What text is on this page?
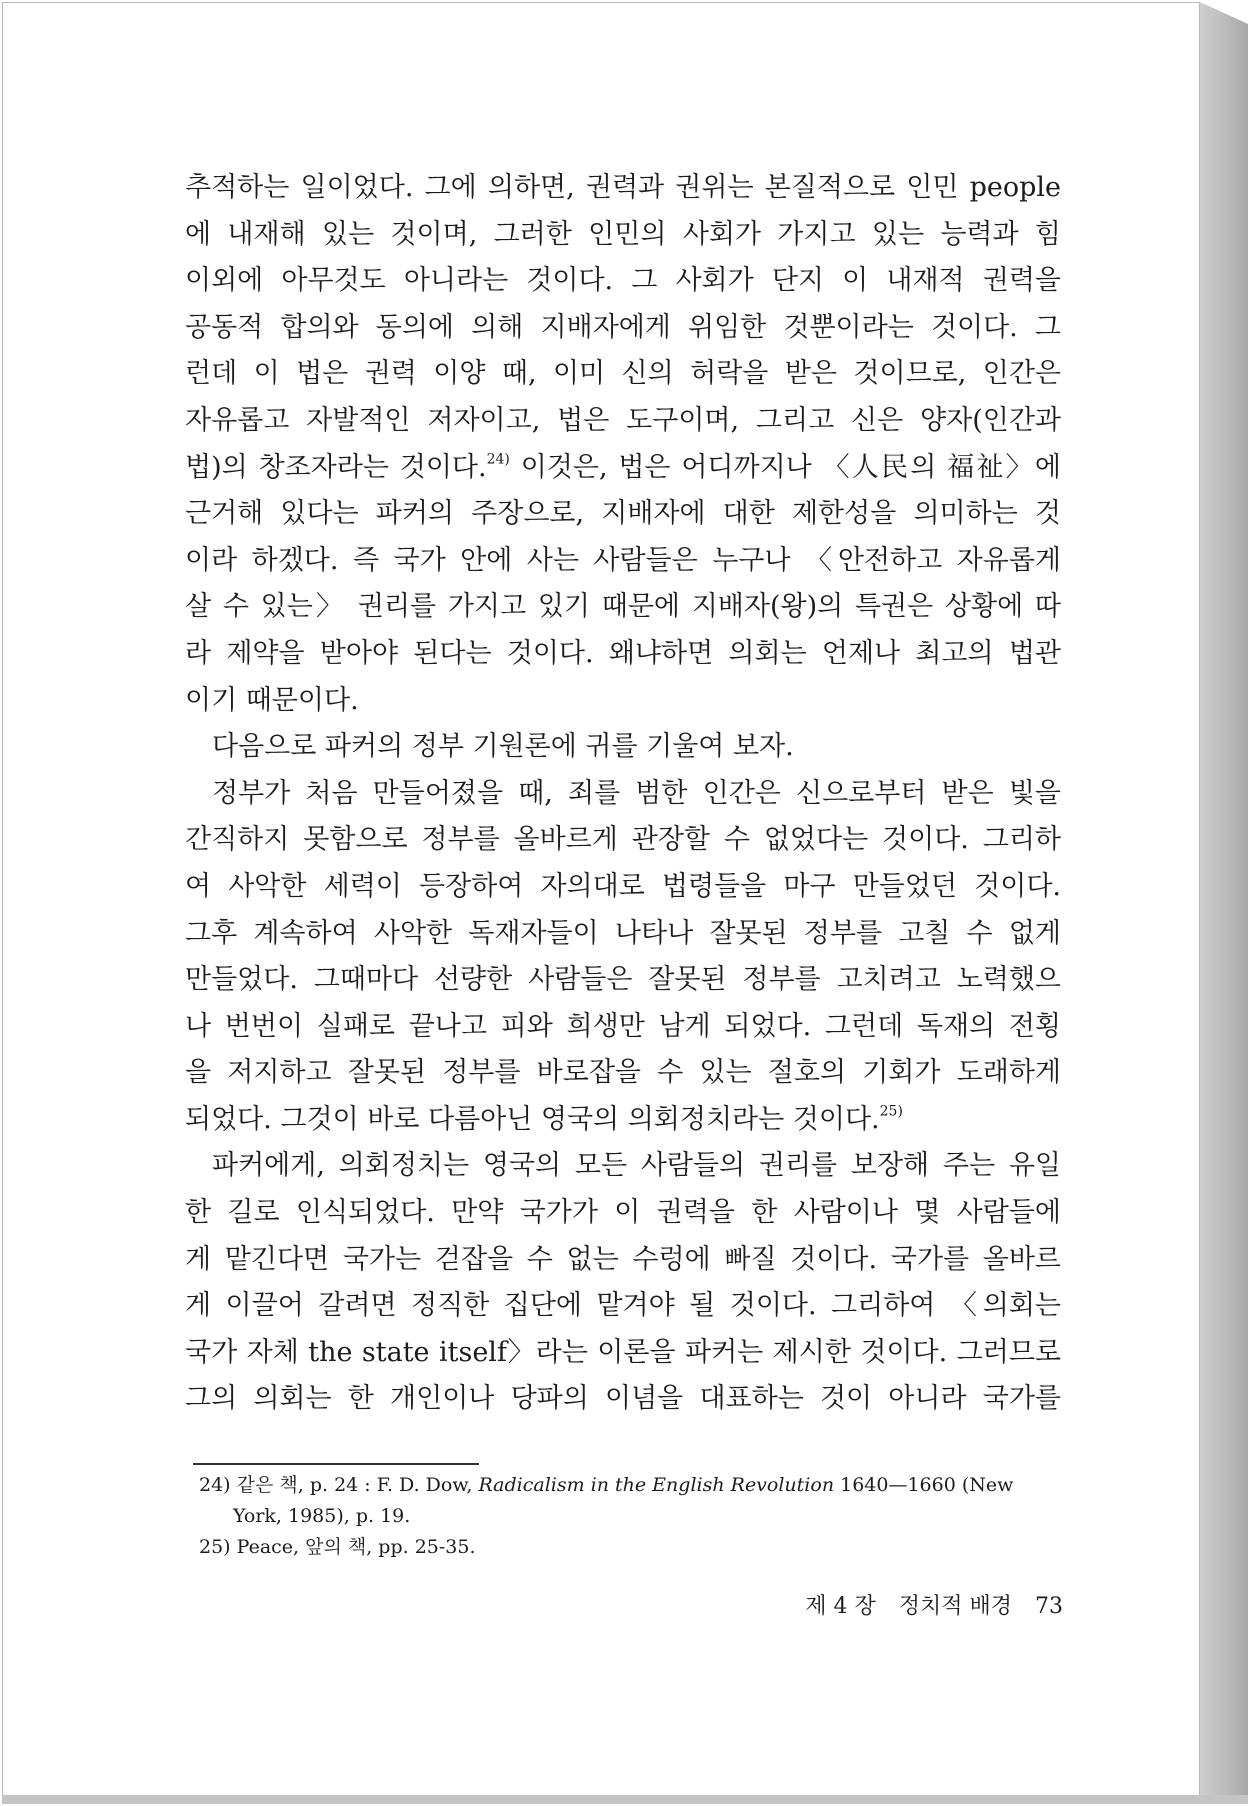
추적하는 일이었다. 그에 의하면, 권력과 권위는 본질적으로 인민 people
에 내재해 있는 것이며, 그러한 인민의 사회가 가지고 있는 능력과 힘
이외에 아무것도 아니라는 것이다. 그 사회가 단지 이 내재적 권력을
공동적 합의와 동의에 의해 지배자에게 위임한 것뿐이라는 것이다. 그
런데 이 법은 권력 이양 때, 이미 신의 허락을 받은 것이므로, 인간은
자유롭고 자발적인 저자이고, 법은 도구이며, 그리고 신은 양자(인간과
법)의 창조자라는 것이다.$^{24)}$ 이것은, 법은 어디까지나 〈人民의 福祉〉에
근거해 있다는 파커의 주장으로, 지배자에 대한 제한성을 의미하는 것
이라 하겠다. 즉 국가 안에 사는 사람들은 누구나 〈안전하고 자유롭게
살 수 있는〉 권리를 가지고 있기 때문에 지배자(왕)의 특권은 상황에 따
라 제약을 받아야 된다는 것이다. 왜냐하면 의회는 언제나 최고의 법관
이기 때문이다.
다음으로 파커의 정부 기원론에 귀를 기울여 보자.
정부가 처음 만들어졌을 때, 죄를 범한 인간은 신으로부터 받은 빛을
간직하지 못함으로 정부를 올바르게 관장할 수 없었다는 것이다. 그리하
여 사악한 세력이 등장하여 자의대로 법령들을 마구 만들었던 것이다.
그후 계속하여 사악한 독재자들이 나타나 잘못된 정부를 고칠 수 없게
만들었다. 그때마다 선량한 사람들은 잘못된 정부를 고치려고 노력했으
나 번번이 실패로 끝나고 피와 희생만 남게 되었다. 그런데 독재의 전횡
을 저지하고 잘못된 정부를 바로잡을 수 있는 절호의 기회가 도래하게
되었다. 그것이 바로 다름아닌 영국의 의회정치라는 것이다.$^{25)}$
파커에게, 의회정치는 영국의 모든 사람들의 권리를 보장해 주는 유일
한 길로 인식되었다. 만약 국가가 이 권력을 한 사람이나 몇 사람들에
게 맡긴다면 국가는 걷잡을 수 없는 수렁에 빠질 것이다. 국가를 올바르
게 이끌어 갈려면 정직한 집단에 맡겨야 될 것이다. 그리하여 〈의회는
국가 자체 the state itself〉라는 이론을 파커는 제시한 것이다. 그러므로
그의 의회는 한 개인이나 당파의 이념을 대표하는 것이 아니라 국가를
24) 같은 책, p. 24 : F. D. Dow, Radicalism in the English Revolution 1640—1660 (New
York, 1985), p. 19.
25) Peace, 앞의 책, pp. 25-35.
제 4 장 정치적 배경 73
